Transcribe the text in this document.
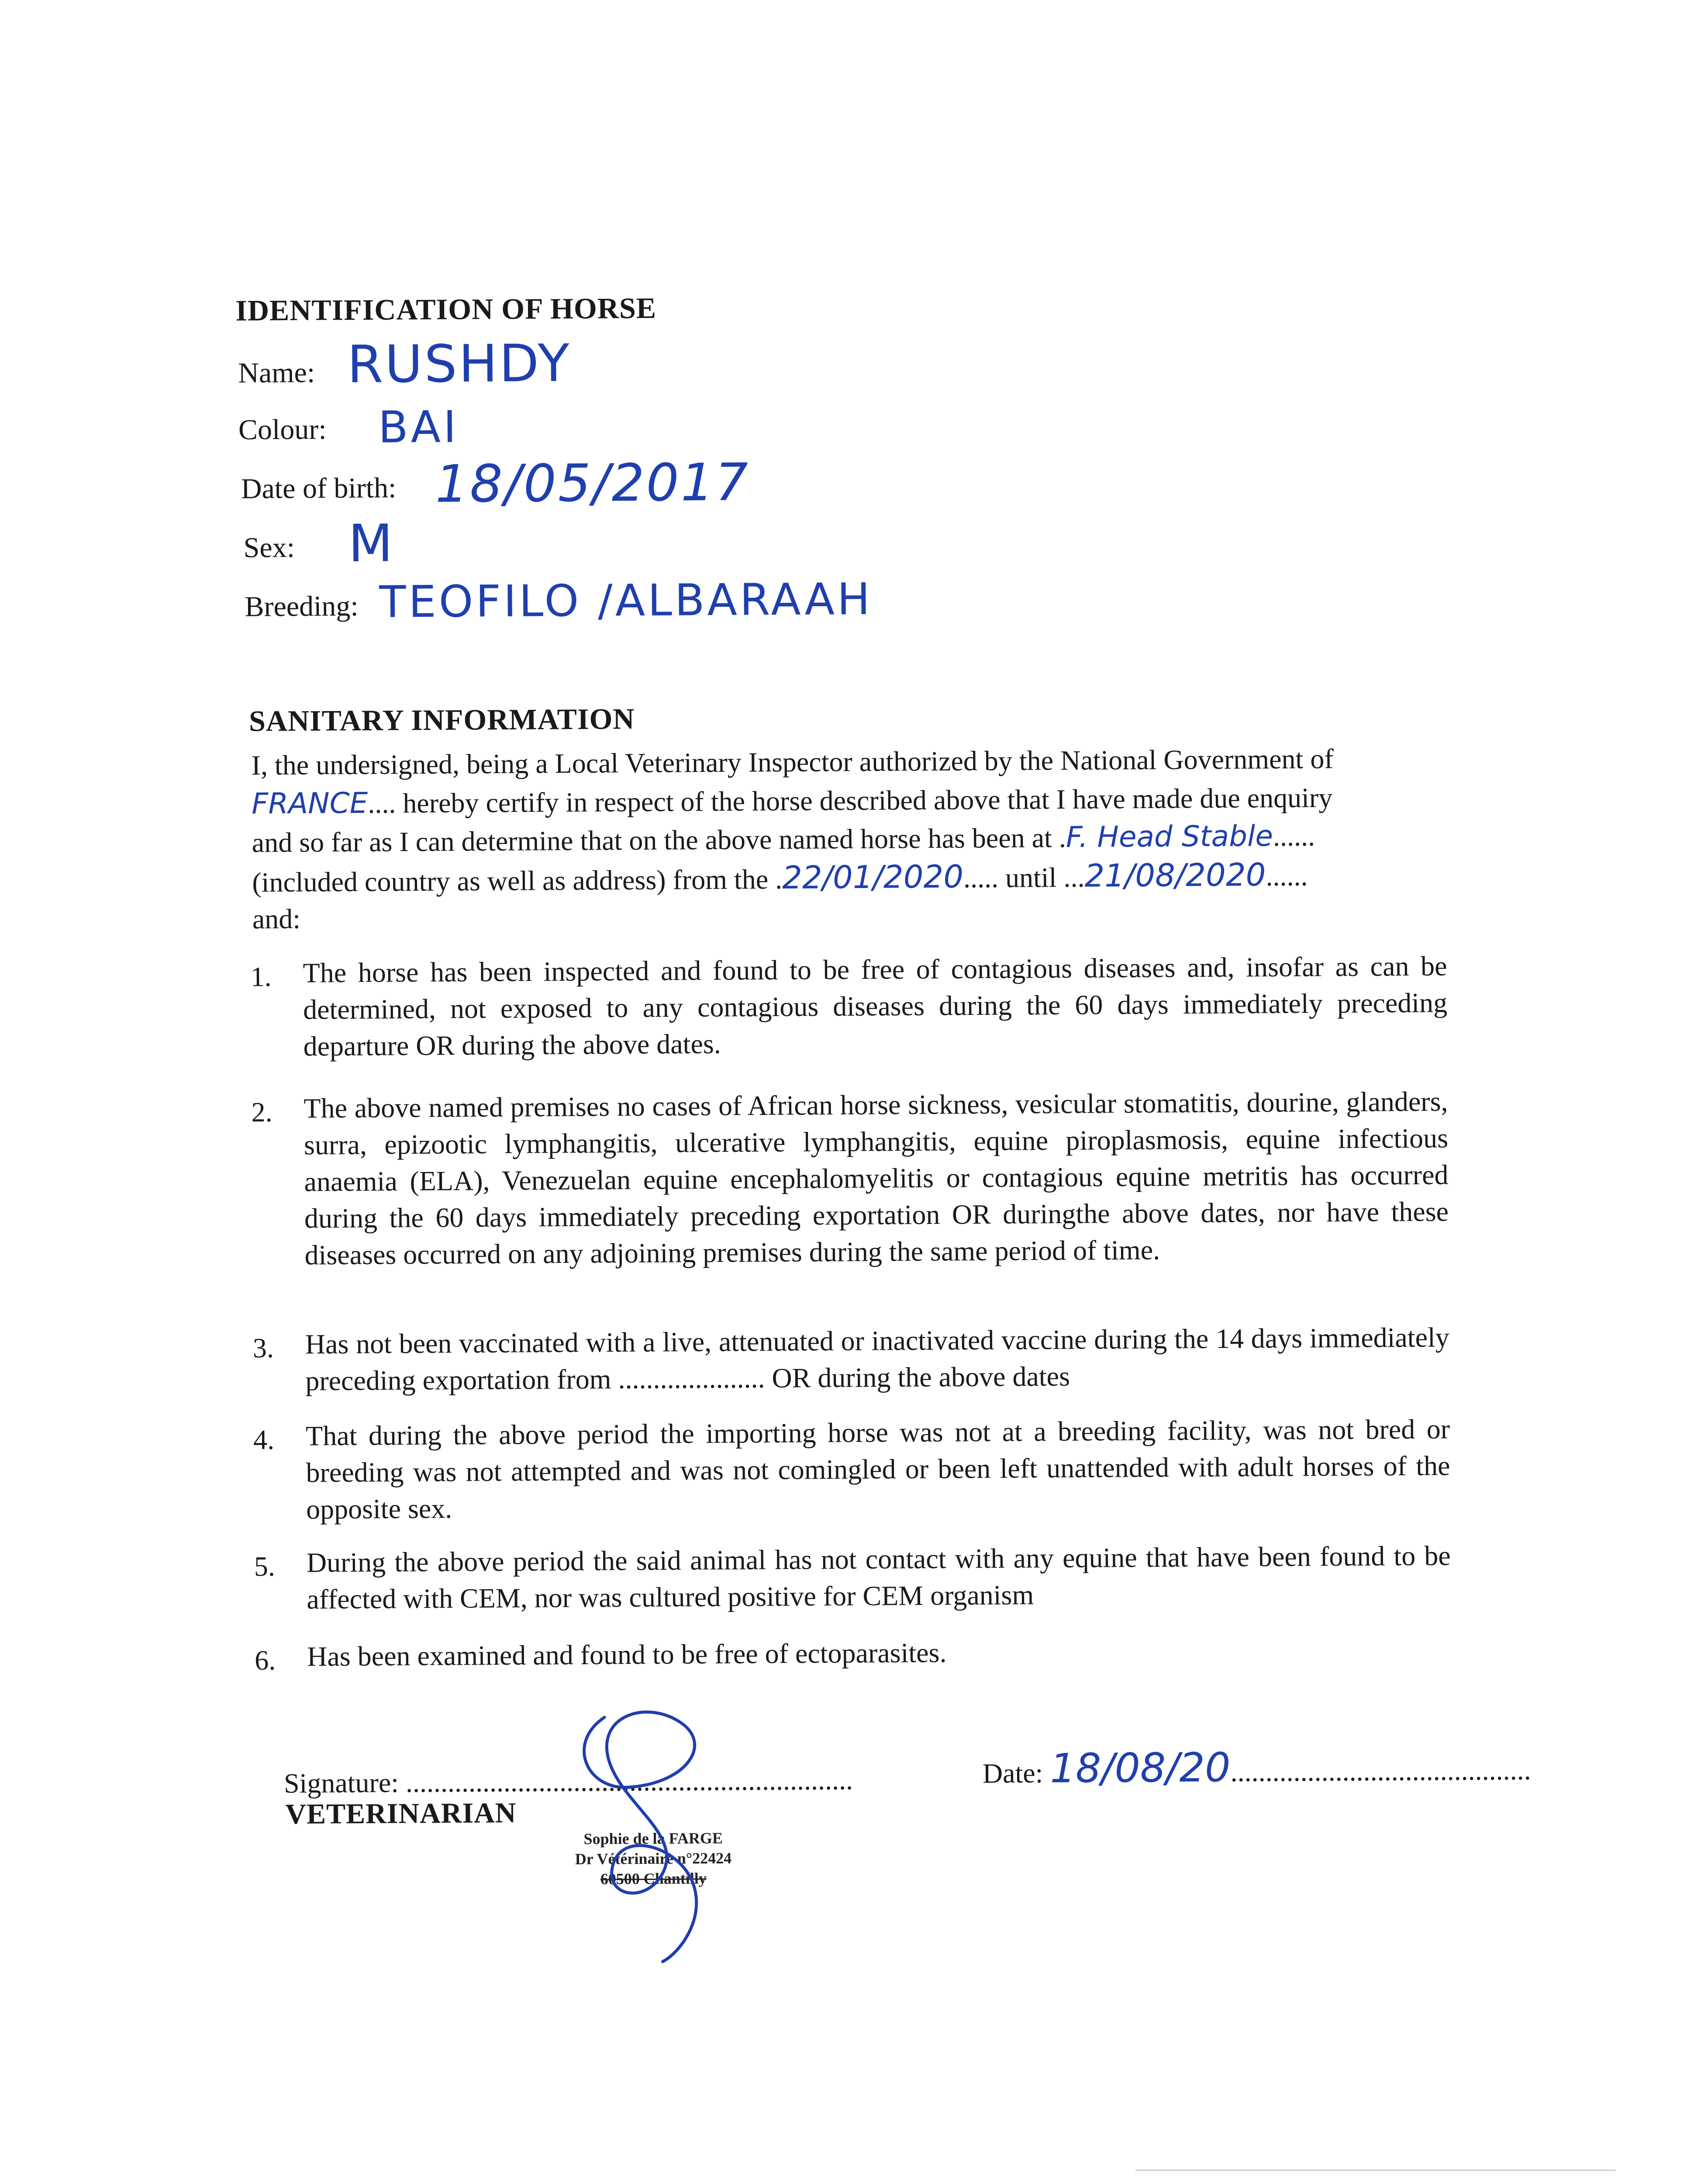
IDENTIFICATION OF HORSE
Name: RUSHDY
Colour: BAI
Date of birth: 18/05/2017
Sex: M
Breeding: TEOFILO /ALBARAAH
SANITARY INFORMATION
I, the undersigned, being a Local Veterinary Inspector authorized by the National Government of
FRANCE.... hereby certify in respect of the horse described above that I have made due enquiry
and so far as I can determine that on the above named horse has been at .F. Head Stable......
(included country as well as address) from the .22/01/2020..... until ...21/08/2020......
and:
1. The horse has been inspected and found to be free of contagious diseases and, insofar as can be determined, not exposed to any contagious diseases during the 60 days immediately preceding departure OR during the above dates.
2. The above named premises no cases of African horse sickness, vesicular stomatitis, dourine, glanders, surra, epizootic lymphangitis, ulcerative lymphangitis, equine piroplasmosis, equine infectious anaemia (ELA), Venezuelan equine encephalomyelitis or contagious equine metritis has occurred during the 60 days immediately preceding exportation OR duringthe above dates, nor have these diseases occurred on any adjoining premises during the same period of time.
3. Has not been vaccinated with a live, attenuated or inactivated vaccine during the 14 days immediately preceding exportation from ..................... OR during the above dates
4. That during the above period the importing horse was not at a breeding facility, was not bred or breeding was not attempted and was not comingled or been left unattended with adult horses of the opposite sex.
5. During the above period the said animal has not contact with any equine that have been found to be affected with CEM, nor was cultured positive for CEM organism
6. Has been examined and found to be free of ectoparasites.
Signature: ................................................................
VETERINARIAN
Sophie de la FARGE
Dr Vétérinaire n°22424
60500 Chantilly
Date: 18/08/20...........................................
